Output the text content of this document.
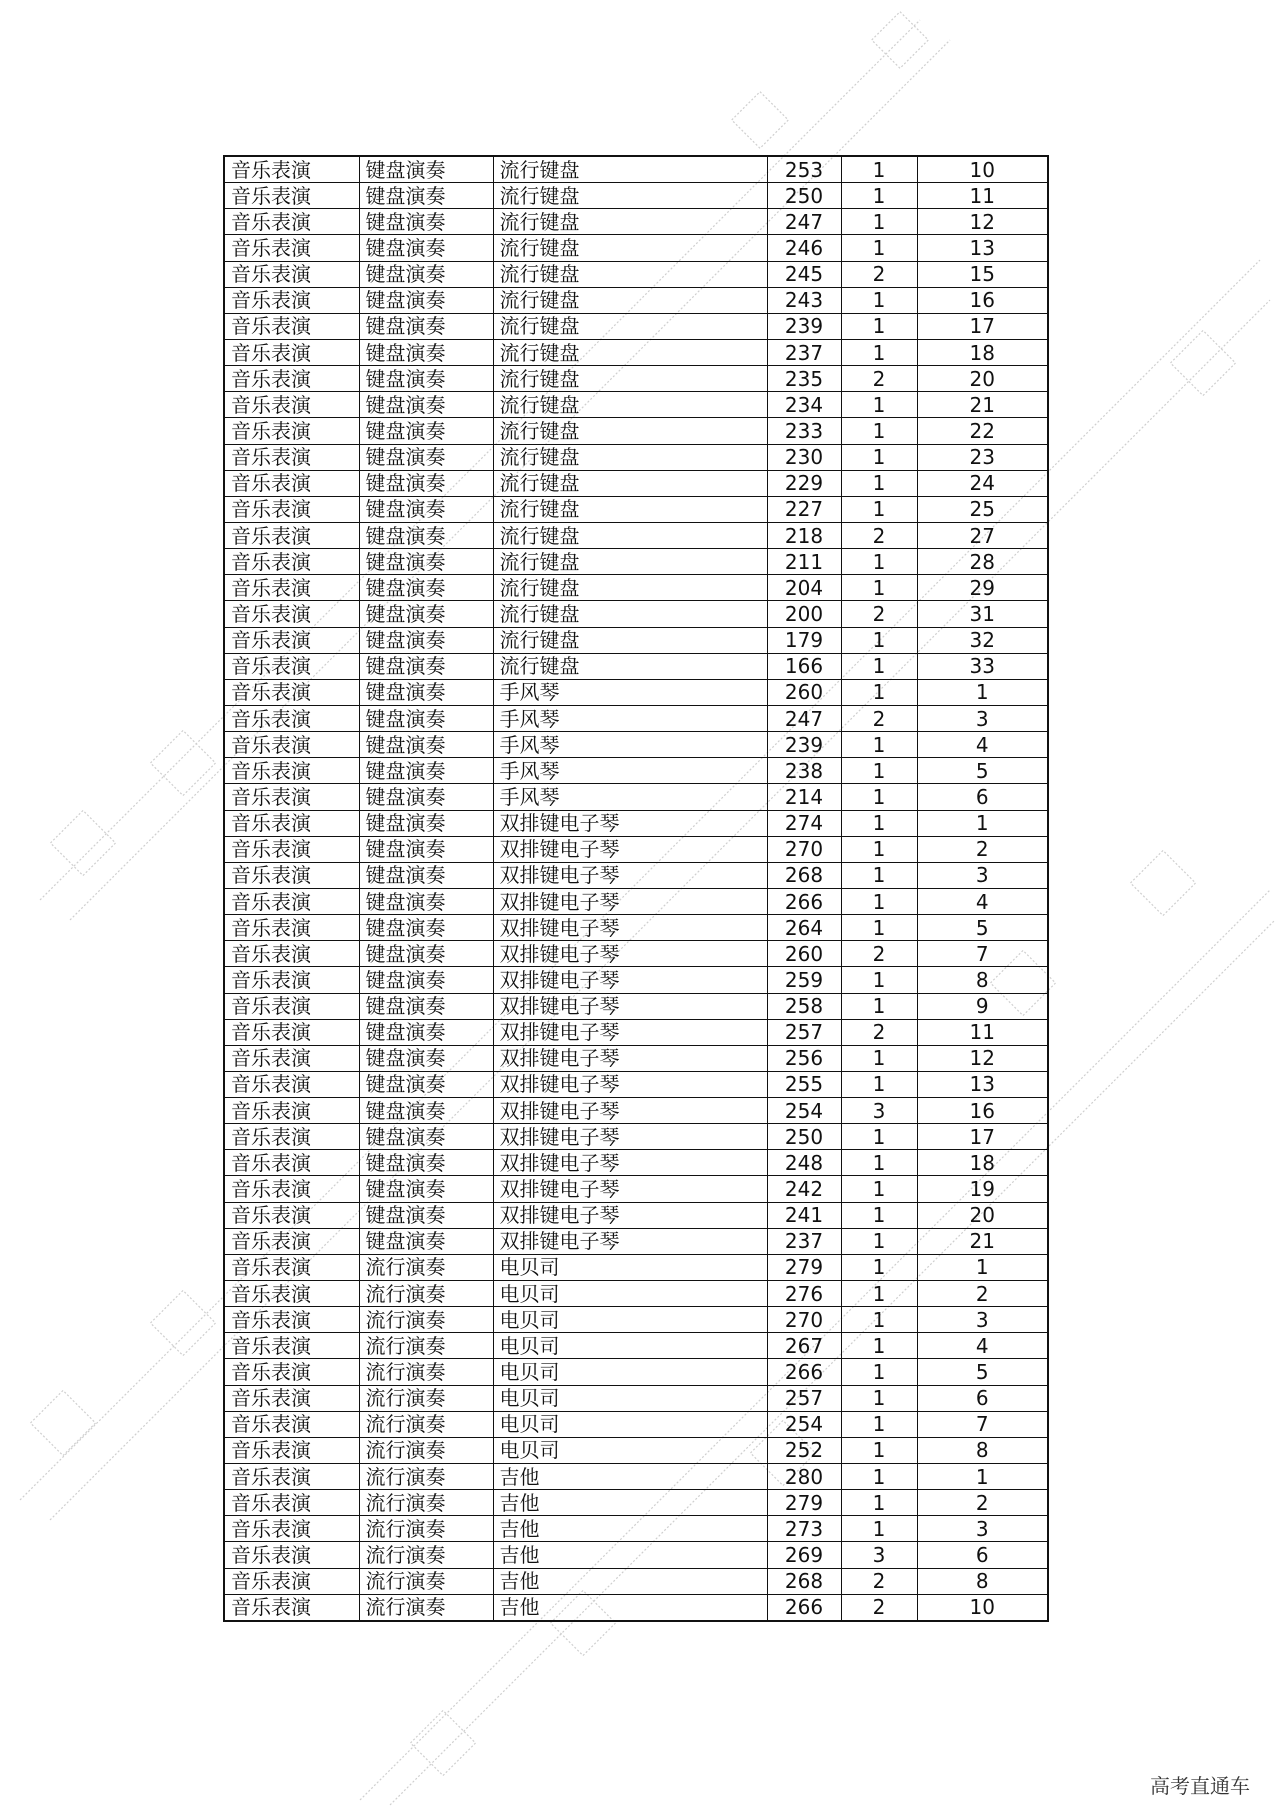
音乐表演	键盘演奏	流行键盘	253	1	10
音乐表演	键盘演奏	流行键盘	250	1	11
音乐表演	键盘演奏	流行键盘	247	1	12
音乐表演	键盘演奏	流行键盘	246	1	13
音乐表演	键盘演奏	流行键盘	245	2	15
音乐表演	键盘演奏	流行键盘	243	1	16
音乐表演	键盘演奏	流行键盘	239	1	17
音乐表演	键盘演奏	流行键盘	237	1	18
音乐表演	键盘演奏	流行键盘	235	2	20
音乐表演	键盘演奏	流行键盘	234	1	21
音乐表演	键盘演奏	流行键盘	233	1	22
音乐表演	键盘演奏	流行键盘	230	1	23
音乐表演	键盘演奏	流行键盘	229	1	24
音乐表演	键盘演奏	流行键盘	227	1	25
音乐表演	键盘演奏	流行键盘	218	2	27
音乐表演	键盘演奏	流行键盘	211	1	28
音乐表演	键盘演奏	流行键盘	204	1	29
音乐表演	键盘演奏	流行键盘	200	2	31
音乐表演	键盘演奏	流行键盘	179	1	32
音乐表演	键盘演奏	流行键盘	166	1	33
音乐表演	键盘演奏	手风琴	260	1	1
音乐表演	键盘演奏	手风琴	247	2	3
音乐表演	键盘演奏	手风琴	239	1	4
音乐表演	键盘演奏	手风琴	238	1	5
音乐表演	键盘演奏	手风琴	214	1	6
音乐表演	键盘演奏	双排键电子琴	274	1	1
音乐表演	键盘演奏	双排键电子琴	270	1	2
音乐表演	键盘演奏	双排键电子琴	268	1	3
音乐表演	键盘演奏	双排键电子琴	266	1	4
音乐表演	键盘演奏	双排键电子琴	264	1	5
音乐表演	键盘演奏	双排键电子琴	260	2	7
音乐表演	键盘演奏	双排键电子琴	259	1	8
音乐表演	键盘演奏	双排键电子琴	258	1	9
音乐表演	键盘演奏	双排键电子琴	257	2	11
音乐表演	键盘演奏	双排键电子琴	256	1	12
音乐表演	键盘演奏	双排键电子琴	255	1	13
音乐表演	键盘演奏	双排键电子琴	254	3	16
音乐表演	键盘演奏	双排键电子琴	250	1	17
音乐表演	键盘演奏	双排键电子琴	248	1	18
音乐表演	键盘演奏	双排键电子琴	242	1	19
音乐表演	键盘演奏	双排键电子琴	241	1	20
音乐表演	键盘演奏	双排键电子琴	237	1	21
音乐表演	流行演奏	电贝司	279	1	1
音乐表演	流行演奏	电贝司	276	1	2
音乐表演	流行演奏	电贝司	270	1	3
音乐表演	流行演奏	电贝司	267	1	4
音乐表演	流行演奏	电贝司	266	1	5
音乐表演	流行演奏	电贝司	257	1	6
音乐表演	流行演奏	电贝司	254	1	7
音乐表演	流行演奏	电贝司	252	1	8
音乐表演	流行演奏	吉他	280	1	1
音乐表演	流行演奏	吉他	279	1	2
音乐表演	流行演奏	吉他	273	1	3
音乐表演	流行演奏	吉他	269	3	6
音乐表演	流行演奏	吉他	268	2	8
音乐表演	流行演奏	吉他	266	2	10
高考直通车
